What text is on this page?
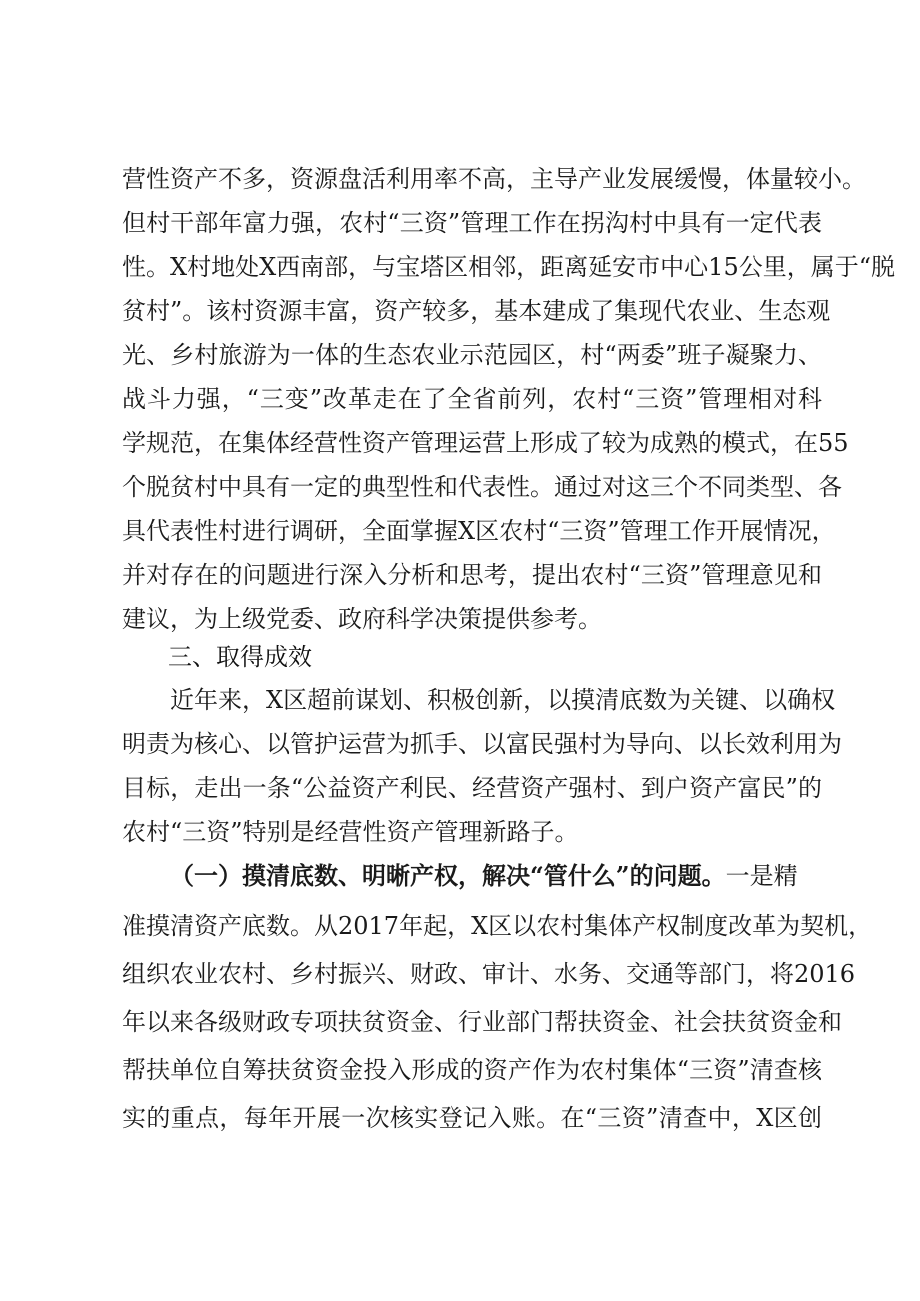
营性资产不多，资源盘活利用率不高，主导产业发展缓慢，体量较小。
但村干部年富力强，农村“三资”管理工作在拐沟村中具有一定代表
性。X村地处X西南部，与宝塔区相邻，距离延安市中心15公里，属于“脱
贫村”。该村资源丰富，资产较多，基本建成了集现代农业、生态观
光、乡村旅游为一体的生态农业示范园区，村“两委”班子凝聚力、
战斗力强，“三变”改革走在了全省前列，农村“三资”管理相对科
学规范，在集体经营性资产管理运营上形成了较为成熟的模式，在55
个脱贫村中具有一定的典型性和代表性。通过对这三个不同类型、各
具代表性村进行调研，全面掌握X区农村“三资”管理工作开展情况，
并对存在的问题进行深入分析和思考，提出农村“三资”管理意见和
建议，为上级党委、政府科学决策提供参考。
三、取得成效
近年来，X区超前谋划、积极创新，以摸清底数为关键、以确权
明责为核心、以管护运营为抓手、以富民强村为导向、以长效利用为
目标，走出一条“公益资产利民、经营资产强村、到户资产富民”的
农村“三资”特别是经营性资产管理新路子。
（一）摸清底数、明晰产权，解决“管什么”的问题。一是精
准摸清资产底数。从2017年起，X区以农村集体产权制度改革为契机，
组织农业农村、乡村振兴、财政、审计、水务、交通等部门，将2016
年以来各级财政专项扶贫资金、行业部门帮扶资金、社会扶贫资金和
帮扶单位自筹扶贫资金投入形成的资产作为农村集体“三资”清查核
实的重点，每年开展一次核实登记入账。在“三资”清查中，X区创
